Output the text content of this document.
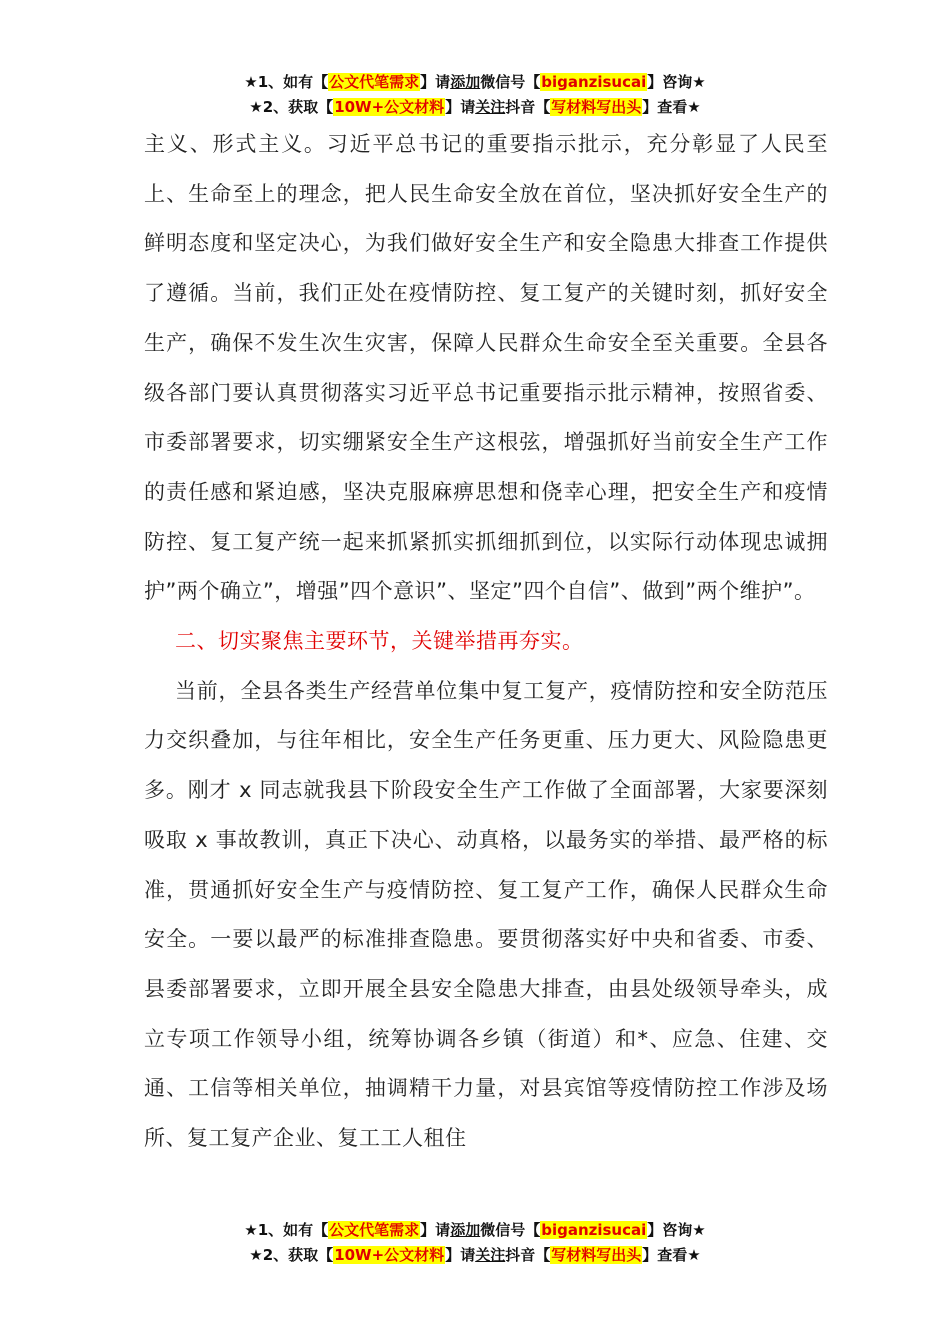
★1、如有【公文代笔需求】请添加微信号【biganzisucai】咨询★
★2、获取【10W+公文材料】请关注抖音【写材料写出头】查看★

主义、形式主义。习近平总书记的重要指示批示，充分彰显了人民至上、生命至上的理念，把人民生命安全放在首位，坚决抓好安全生产的鲜明态度和坚定决心，为我们做好安全生产和安全隐患大排查工作提供了遵循。当前，我们正处在疫情防控、复工复产的关键时刻，抓好安全生产，确保不发生次生灾害，保障人民群众生命安全至关重要。全县各级各部门要认真贯彻落实习近平总书记重要指示批示精神，按照省委、市委部署要求，切实绷紧安全生产这根弦，增强抓好当前安全生产工作的责任感和紧迫感，坚决克服麻痹思想和侥幸心理，把安全生产和疫情防控、复工复产统一起来抓紧抓实抓细抓到位，以实际行动体现忠诚拥护”两个确立”，增强”四个意识”、坚定”四个自信”、做到”两个维护”。

二、切实聚焦主要环节，关键举措再夯实。

当前，全县各类生产经营单位集中复工复产，疫情防控和安全防范压力交织叠加，与往年相比，安全生产任务更重、压力更大、风险隐患更多。刚才 x 同志就我县下阶段安全生产工作做了全面部署，大家要深刻吸取 x 事故教训，真正下决心、动真格，以最务实的举措、最严格的标准，贯通抓好安全生产与疫情防控、复工复产工作，确保人民群众生命安全。一要以最严的标准排查隐患。要贯彻落实好中央和省委、市委、县委部署要求，立即开展全县安全隐患大排查，由县处级领导牵头，成立专项工作领导小组，统筹协调各乡镇（街道）和*、应急、住建、交通、工信等相关单位，抽调精干力量，对县宾馆等疫情防控工作涉及场所、复工复产企业、复工工人租住

★1、如有【公文代笔需求】请添加微信号【biganzisucai】咨询★
★2、获取【10W+公文材料】请关注抖音【写材料写出头】查看★
